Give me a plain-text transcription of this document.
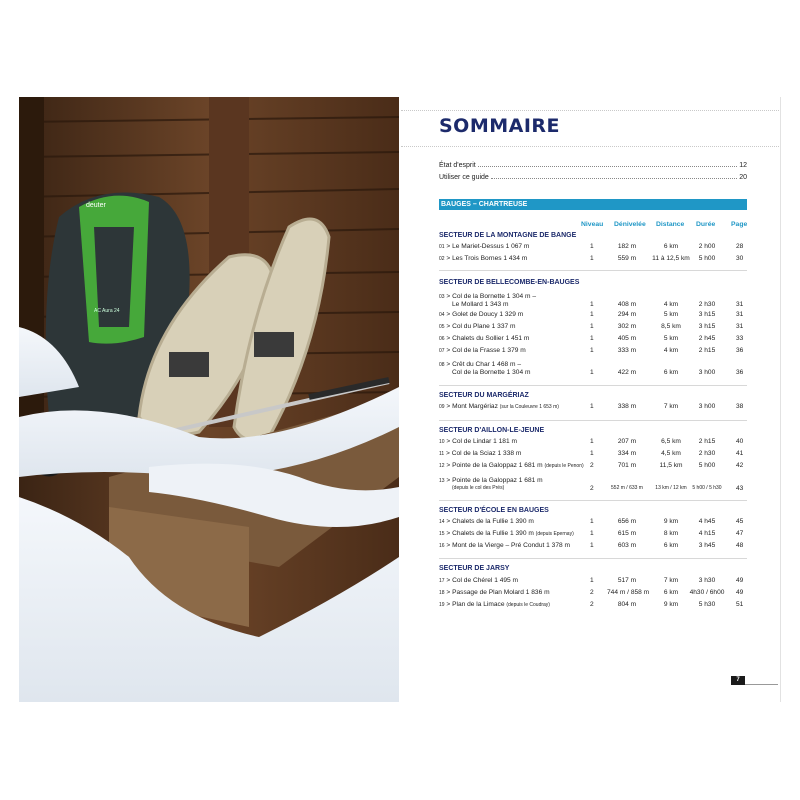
deuter
AC Aura 24
SOMMAIRE
État d'esprit	12
Utiliser ce guide	20
BAUGES – CHARTREUSE
Niveau Dénivelée Distance Durée Page
SECTEUR DE LA MONTAGNE DE BANGE
SECTEUR DE BELLECOMBE-EN-BAUGES
SECTEUR DU MARGÉRIAZ
SECTEUR D'AILLON-LE-JEUNE
SECTEUR D'ÉCOLE EN BAUGES
SECTEUR DE JARSY
01 > Le Mariet-Dessus 1 067 m	1	182 m	6 km	2 h00	28
02 > Les Trois Bornes 1 434 m	1	559 m	11 à 12,5 km	5 h00	30
03 > Col de la Bornette 1 304 m –
Le Mollard 1 343 m	1	408 m	4 km	2 h30	31
04 > Golet de Doucy 1 329 m	1	294 m	5 km	3 h15	31
05 > Col du Plane 1 337 m	1	302 m	8,5 km	3 h15	31
06 > Chalets du Sollier 1 451 m	1	405 m	5 km	2 h45	33
07 > Col de la Frasse 1 379 m	1	333 m	4 km	2 h15	36
08 > Crêt du Char 1 468 m –
Col de la Bornette 1 304 m	1	422 m	6 km	3 h00	36
09 > Mont Margériaz (sur la Couleuvre 1 653 m)	1	338 m	7 km	3 h00	38
10 > Col de Lindar 1 181 m	1	207 m	6,5 km	2 h15	40
11 > Col de la Sciaz 1 338 m	1	334 m	4,5 km	2 h30	41
12 > Pointe de la Galoppaz 1 681 m (depuis le Penon) 2	701 m	11,5 km	5 h00	42
13 > Pointe de la Galoppaz 1 681 m
(depuis le col des Prés)	2	552 m / 633 m	13 km / 12 km	5 h00 / 5 h30	43
14 > Chalets de la Fullie 1 390 m	1	656 m	9 km	4 h45	45
15 > Chalets de la Fullie 1 390 m (depuis Epernay) 1	615 m	8 km	4 h15	47
16 > Mont de la Vierge – Pré Condut 1 378 m	1	603 m	6 km	3 h45	48
17 > Col de Chérel 1 495 m	1	517 m	7 km	3 h30	49
18 > Passage de Plan Molard 1 836 m	2 744 m / 858 m	6 km	4h30 / 6h00	49
19 > Plan de la Limace (depuis le Coudray)	2	804 m	9 km	5 h30	51
7
